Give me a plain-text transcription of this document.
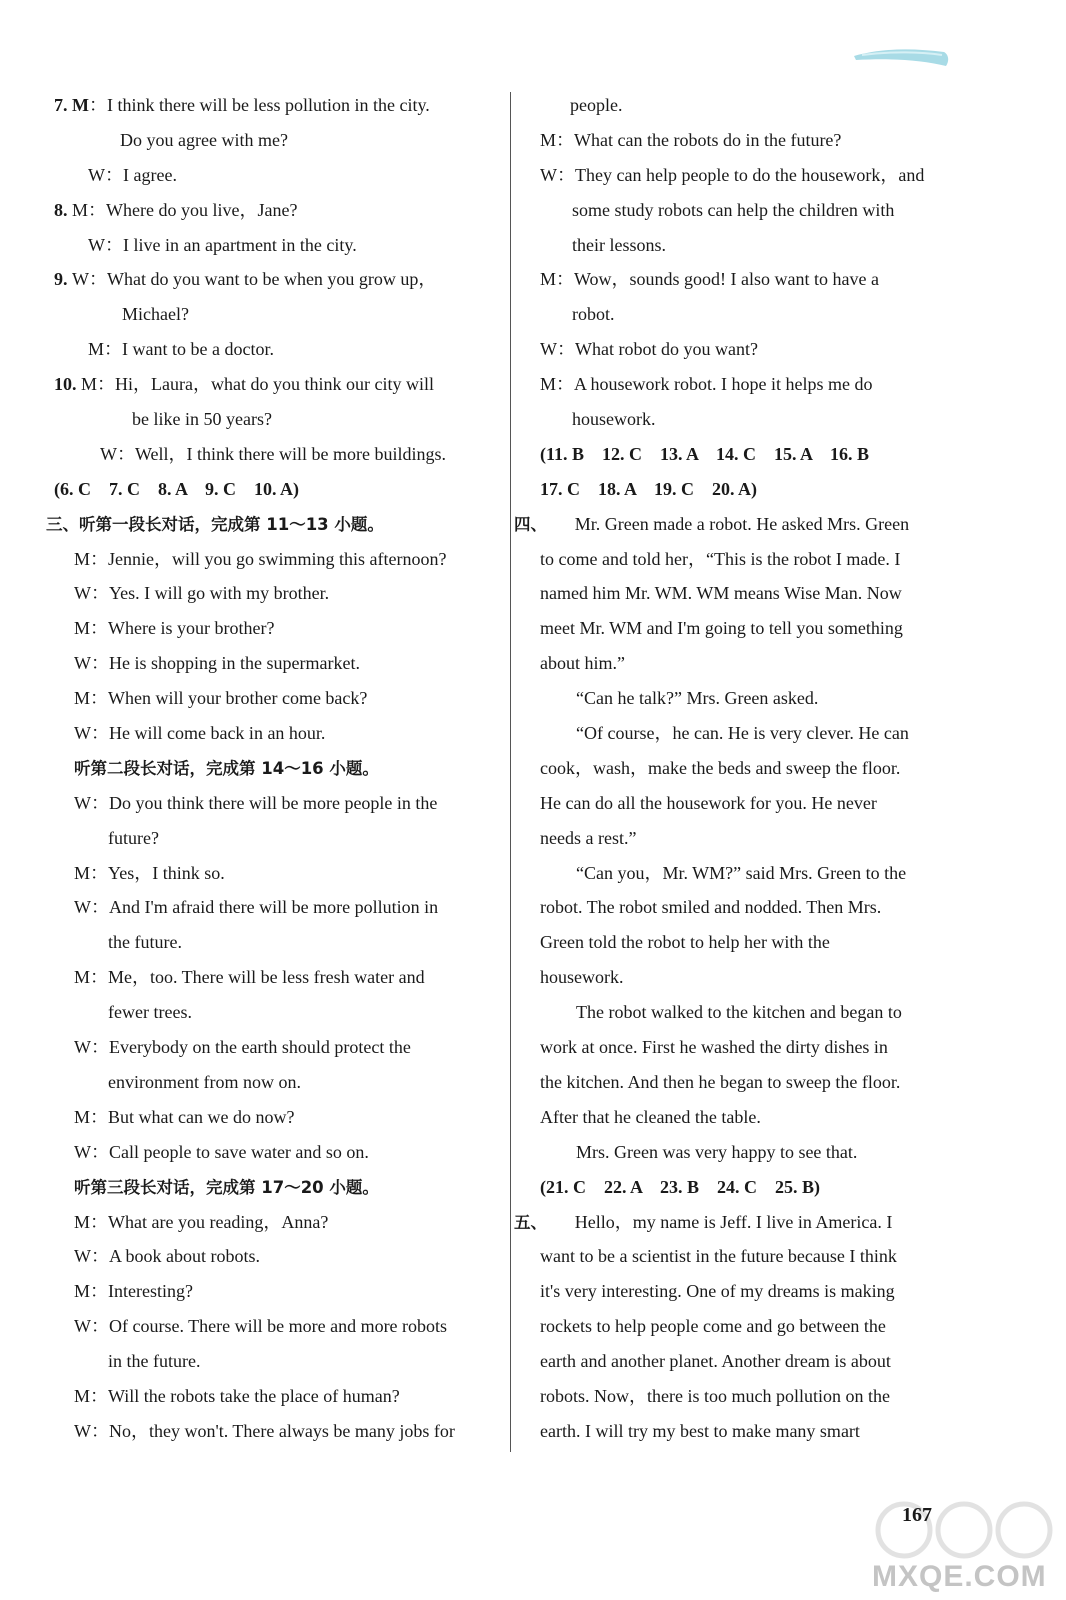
7. M：I think there will be less pollution in the city.
Do you agree with me?
W：I agree.
8. M：Where do you live，Jane?
W：I live in an apartment in the city.
9. W：What do you want to be when you grow up，
Michael?
M：I want to be a doctor.
10. M：Hi，Laura，what do you think our city will
be like in 50 years?
W：Well，I think there will be more buildings.
(6. C　7. C　8. A　9. C　10. A)
三、听第一段长对话，完成第 11～13 小题。
M：Jennie，will you go swimming this afternoon?
W：Yes. I will go with my brother.
M：Where is your brother?
W：He is shopping in the supermarket.
M：When will your brother come back?
W：He will come back in an hour.
听第二段长对话，完成第 14～16 小题。
W：Do you think there will be more people in the
future?
M：Yes，I think so.
W：And I'm afraid there will be more pollution in
the future.
M：Me，too. There will be less fresh water and
fewer trees.
W：Everybody on the earth should protect the
environment from now on.
M：But what can we do now?
W：Call people to save water and so on.
听第三段长对话，完成第 17～20 小题。
M：What are you reading，Anna?
W：A book about robots.
M：Interesting?
W：Of course. There will be more and more robots
in the future.
M：Will the robots take the place of human?
W：No，they won't. There always be many jobs for
people.
M：What can the robots do in the future?
W：They can help people to do the housework，and
some study robots can help the children with
their lessons.
M：Wow，sounds good! I also want to have a
robot.
W：What robot do you want?
M：A housework robot. I hope it helps me do
housework.
(11. B　12. C　13. A　14. C　15. A　16. B
17. C　18. A　19. C　20. A)
四、　　Mr. Green made a robot. He asked Mrs. Green
to come and told her，“This is the robot I made. I
named him Mr. WM. WM means Wise Man. Now
meet Mr. WM and I'm going to tell you something
about him.”
“Can he talk?” Mrs. Green asked.
“Of course，he can. He is very clever. He can
cook，wash，make the beds and sweep the floor.
He can do all the housework for you. He never
needs a rest.”
“Can you，Mr. WM?” said Mrs. Green to the
robot. The robot smiled and nodded. Then Mrs.
Green told the robot to help her with the
housework.
The robot walked to the kitchen and began to
work at once. First he washed the dirty dishes in
the kitchen. And then he began to sweep the floor.
After that he cleaned the table.
Mrs. Green was very happy to see that.
(21. C　22. A　23. B　24. C　25. B)
五、　　Hello，my name is Jeff. I live in America. I
want to be a scientist in the future because I think
it's very interesting. One of my dreams is making
rockets to help people come and go between the
earth and another planet. Another dream is about
robots. Now，there is too much pollution on the
earth. I will try my best to make many smart
MXQE.COM
167
